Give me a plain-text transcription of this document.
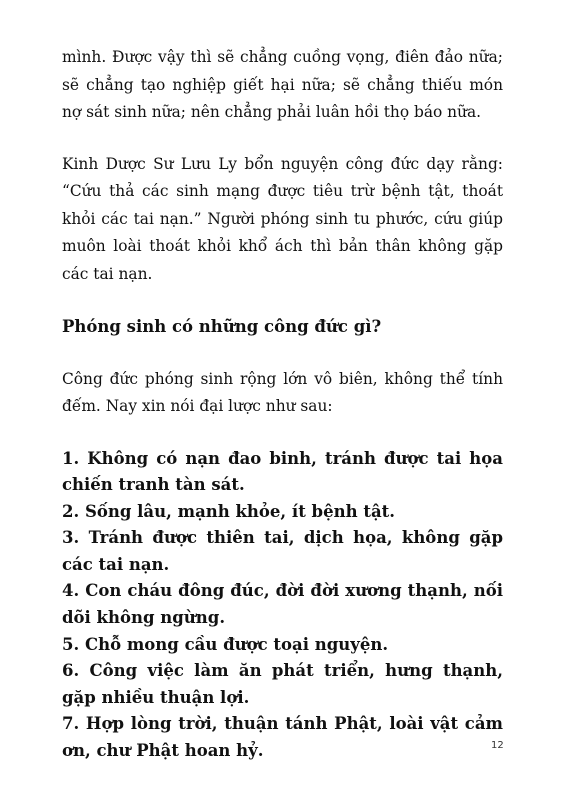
mình. Được vậy thì sẽ chẳng cuồng vọng, điên đảo nữa; sẽ chẳng tạo nghiệp giết hại nữa; sẽ chẳng thiếu món nợ sát sinh nữa; nên chẳng phải luân hồi thọ báo nữa.

Kinh Dược Sư Lưu Ly bổn nguyện công đức dạy rằng: “Cứu thả các sinh mạng được tiêu trừ bệnh tật, thoát khỏi các tai nạn.” Người phóng sinh tu phước, cứu giúp muôn loài thoát khỏi khổ ách thì bản thân không gặp các tai nạn.

Phóng sinh có những công đức gì?

Công đức phóng sinh rộng lớn vô biên, không thể tính đếm. Nay xin nói đại lược như sau:

1. Không có nạn đao binh, tránh được tai họa chiến tranh tàn sát.
2. Sống lâu, mạnh khỏe, ít bệnh tật.
3. Tránh được thiên tai, dịch họa, không gặp các tai nạn.
4. Con cháu đông đúc, đời đời xương thạnh, nối dõi không ngừng.
5. Chỗ mong cầu được toại nguyện.
6. Công việc làm ăn phát triển, hưng thạnh, gặp nhiều thuận lợi.
7. Hợp lòng trời, thuận tánh Phật, loài vật cảm ơn, chư Phật hoan hỷ.	12
